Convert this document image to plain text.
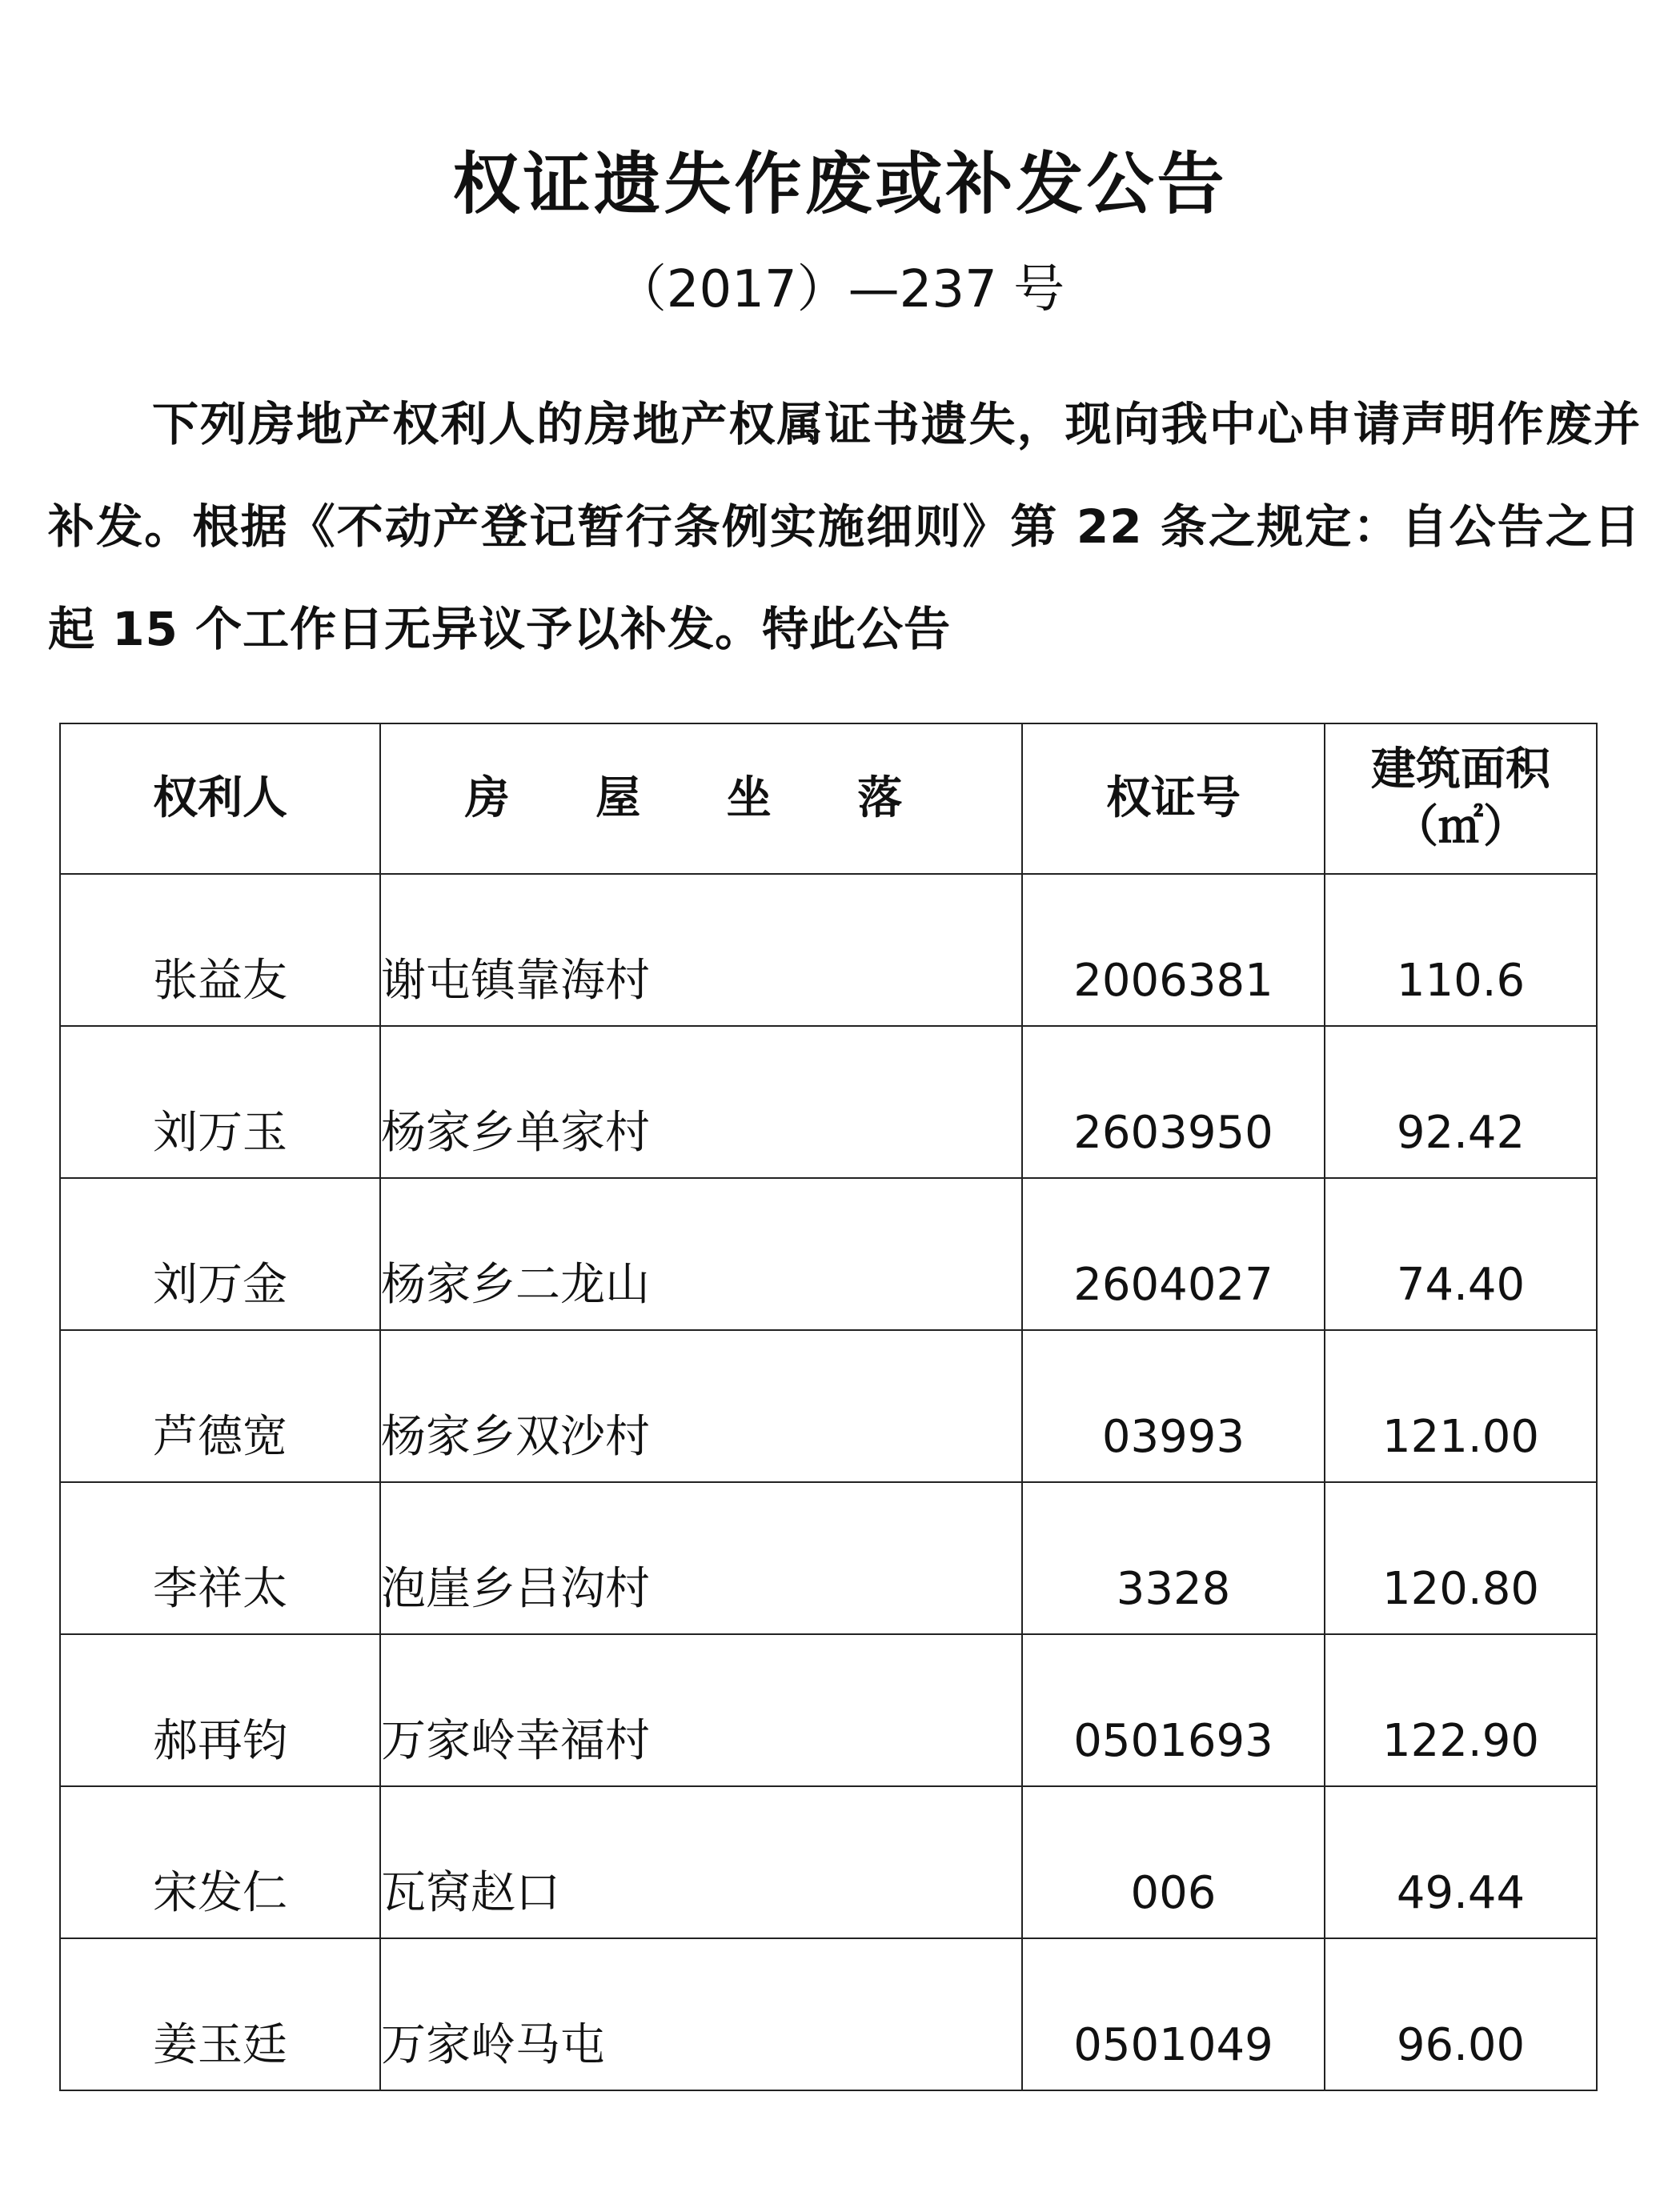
权证遗失作废或补发公告
（2017）—237 号

下列房地产权利人的房地产权属证书遗失，现向我中心申请声明作废并补发。根据《不动产登记暂行条例实施细则》第 22 条之规定：自公告之日起 15 个工作日无异议予以补发。特此公告

权利人	房 屋 坐 落	权证号	建筑面积
（㎡）

张益友	谢屯镇靠海村	2006381	110.6
刘万玉	杨家乡单家村	2603950	92.42
刘万金	杨家乡二龙山	2604027	74.40
芦德宽	杨家乡双沙村	03993	121.00
李祥太	泡崖乡吕沟村	3328	120.80
郝再钧	万家岭幸福村	0501693	122.90
宋发仁	瓦窝赵口	006	49.44
姜玉廷	万家岭马屯	0501049	96.00
